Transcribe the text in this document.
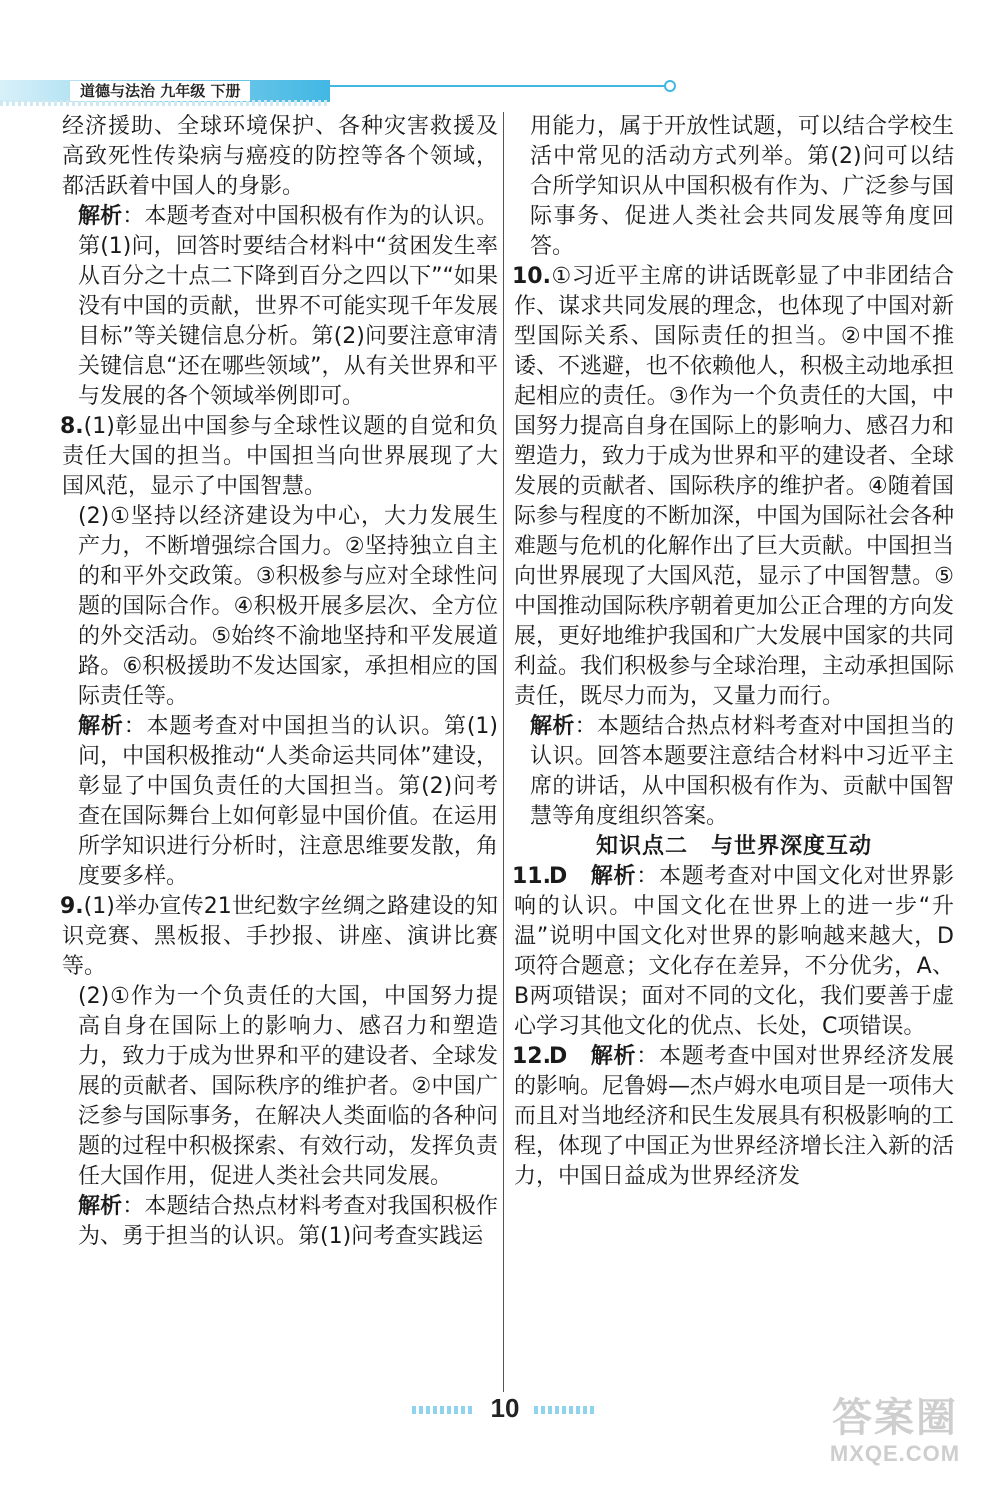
道德与法治 九年级 下册

经济援助、全球环境保护、各种灾害救援及高致死性传染病与癌疫的防控等各个领域，都活跃着中国人的身影。

解析：本题考查对中国积极有作为的认识。第(1)问，回答时要结合材料中“贫困发生率从百分之十点二下降到百分之四以下”“如果没有中国的贡献，世界不可能实现千年发展目标”等关键信息分析。第(2)问要注意审清关键信息“还在哪些领域”，从有关世界和平与发展的各个领域举例即可。

8.(1)彰显出中国参与全球性议题的自觉和负责任大国的担当。中国担当向世界展现了大国风范，显示了中国智慧。

(2)①坚持以经济建设为中心，大力发展生产力，不断增强综合国力。②坚持独立自主的和平外交政策。③积极参与应对全球性问题的国际合作。④积极开展多层次、全方位的外交活动。⑤始终不渝地坚持和平发展道路。⑥积极援助不发达国家，承担相应的国际责任等。

解析：本题考查对中国担当的认识。第(1)问，中国积极推动“人类命运共同体”建设，彰显了中国负责任的大国担当。第(2)问考查在国际舞台上如何彰显中国价值。在运用所学知识进行分析时，注意思维要发散，角度要多样。

9.(1)举办宣传21世纪数字丝绸之路建设的知识竞赛、黑板报、手抄报、讲座、演讲比赛等。

(2)①作为一个负责任的大国，中国努力提高自身在国际上的影响力、感召力和塑造力，致力于成为世界和平的建设者、全球发展的贡献者、国际秩序的维护者。②中国广泛参与国际事务，在解决人类面临的各种问题的过程中积极探索、有效行动，发挥负责任大国作用，促进人类社会共同发展。

解析：本题结合热点材料考查对我国积极作为、勇于担当的认识。第(1)问考查实践运

用能力，属于开放性试题，可以结合学校生活中常见的活动方式列举。第(2)问可以结合所学知识从中国积极有作为、广泛参与国际事务、促进人类社会共同发展等角度回答。

10.①习近平主席的讲话既彰显了中非团结合作、谋求共同发展的理念，也体现了中国对新型国际关系、国际责任的担当。②中国不推诿、不逃避，也不依赖他人，积极主动地承担起相应的责任。③作为一个负责任的大国，中国努力提高自身在国际上的影响力、感召力和塑造力，致力于成为世界和平的建设者、全球发展的贡献者、国际秩序的维护者。④随着国际参与程度的不断加深，中国为国际社会各种难题与危机的化解作出了巨大贡献。中国担当向世界展现了大国风范，显示了中国智慧。⑤中国推动国际秩序朝着更加公正合理的方向发展，更好地维护我国和广大发展中国家的共同利益。我们积极参与全球治理，主动承担国际责任，既尽力而为，又量力而行。

解析：本题结合热点材料考查对中国担当的认识。回答本题要注意结合材料中习近平主席的讲话，从中国积极有作为、贡献中国智慧等角度组织答案。

知识点二　与世界深度互动

11.D　 解析：本题考查对中国文化对世界影响的认识。中国文化在世界上的进一步“升温”说明中国文化对世界的影响越来越大，D项符合题意；文化存在差异，不分优劣，A、B两项错误；面对不同的文化，我们要善于虚心学习其他文化的优点、长处，C项错误。

12.D　 解析：本题考查中国对世界经济发展的影响。尼鲁姆—杰卢姆水电项目是一项伟大而且对当地经济和民生发展具有积极影响的工程，体现了中国正为世界经济增长注入新的活力，中国日益成为世界经济发

10	答案圈
MXQE.COM
